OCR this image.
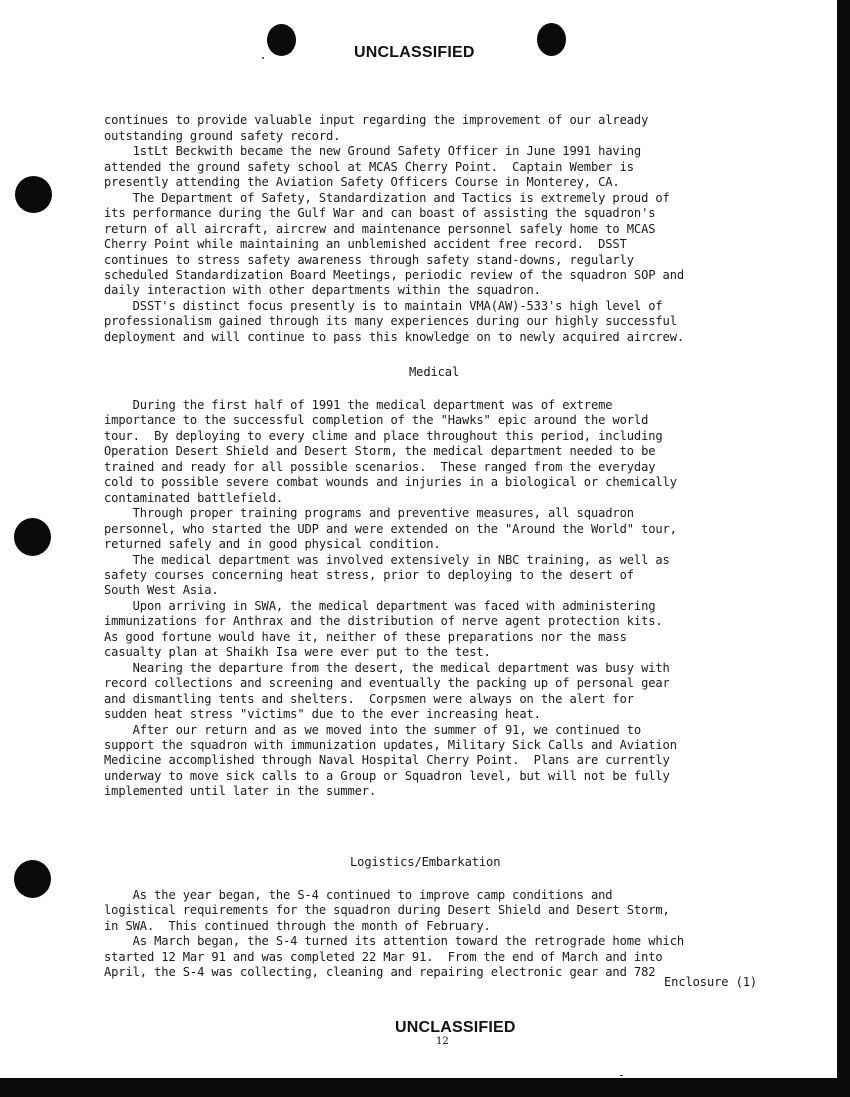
UNCLASSIFIED

continues to provide valuable input regarding the improvement of our already
outstanding ground safety record.
1stLt Beckwith became the new Ground Safety Officer in June 1991 having
attended the ground safety school at MCAS Cherry Point.  Captain Wember is
presently attending the Aviation Safety Officers Course in Monterey, CA.
The Department of Safety, Standardization and Tactics is extremely proud of
its performance during the Gulf War and can boast of assisting the squadron's
return of all aircraft, aircrew and maintenance personnel safely home to MCAS
Cherry Point while maintaining an unblemished accident free record.  DSST
continues to stress safety awareness through safety stand-downs, regularly
scheduled Standardization Board Meetings, periodic review of the squadron SOP and
daily interaction with other departments within the squadron.
DSST's distinct focus presently is to maintain VMA(AW)-533's high level of
professionalism gained through its many experiences during our highly successful
deployment and will continue to pass this knowledge on to newly acquired aircrew.

Medical
During the first half of 1991 the medical department was of extreme
importance to the successful completion of the "Hawks" epic around the world
tour.  By deploying to every clime and place throughout this period, including
Operation Desert Shield and Desert Storm, the medical department needed to be
trained and ready for all possible scenarios.  These ranged from the everyday
cold to possible severe combat wounds and injuries in a biological or chemically
contaminated battlefield.
Through proper training programs and preventive measures, all squadron
personnel, who started the UDP and were extended on the "Around the World" tour,
returned safely and in good physical condition.
The medical department was involved extensively in NBC training, as well as
safety courses concerning heat stress, prior to deploying to the desert of
South West Asia.
Upon arriving in SWA, the medical department was faced with administering
immunizations for Anthrax and the distribution of nerve agent protection kits.
As good fortune would have it, neither of these preparations nor the mass
casualty plan at Shaikh Isa were ever put to the test.
Nearing the departure from the desert, the medical department was busy with
record collections and screening and eventually the packing up of personal gear
and dismantling tents and shelters.  Corpsmen were always on the alert for
sudden heat stress "victims" due to the ever increasing heat.
After our return and as we moved into the summer of 91, we continued to
support the squadron with immunization updates, Military Sick Calls and Aviation
Medicine accomplished through Naval Hospital Cherry Point.  Plans are currently
underway to move sick calls to a Group or Squadron level, but will not be fully
implemented until later in the summer.
Logistics/Embarkation
As the year began, the S-4 continued to improve camp conditions and
logistical requirements for the squadron during Desert Shield and Desert Storm,
in SWA.  This continued through the month of February.
As March began, the S-4 turned its attention toward the retrograde home which
started 12 Mar 91 and was completed 22 Mar 91.  From the end of March and into
April, the S-4 was collecting, cleaning and repairing electronic gear and 782
Enclosure (1)
UNCLASSIFIED
12
